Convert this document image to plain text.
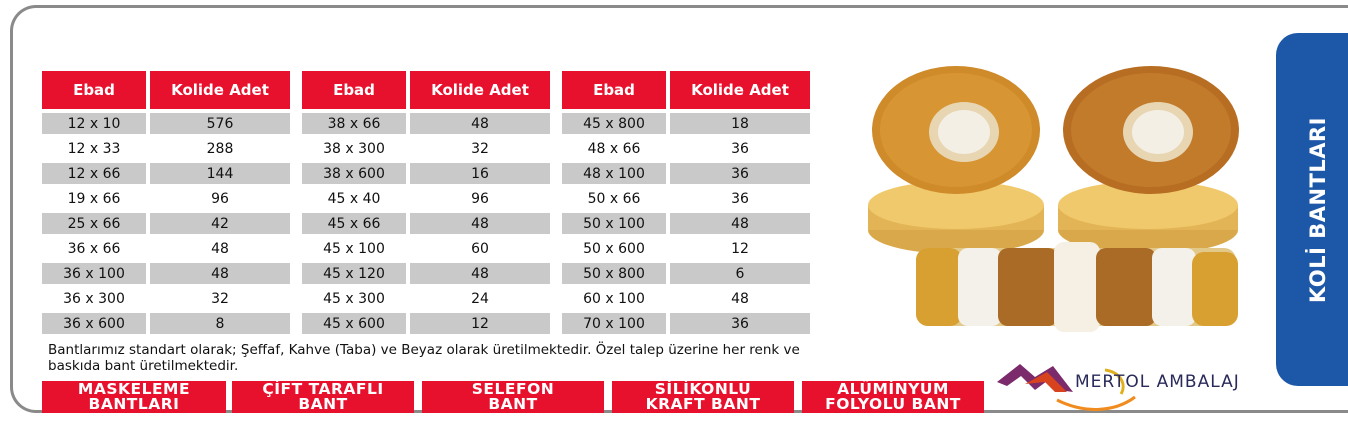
Ebad	Kolide Adet
12 x 10	576
12 x 33	288
12 x 66	144
19 x 66	96
25 x 66	42
36 x 66	48
36 x 100	48
36 x 300	32
36 x 600	8
Ebad	Kolide Adet
38 x 66	48
38 x 300	32
38 x 600	16
45 x 40	96
45 x 66	48
45 x 100	60
45 x 120	48
45 x 300	24
45 x 600	12
Ebad	Kolide Adet
45 x 800	18
48 x 66	36
48 x 100	36
50 x 66	36
50 x 100	48
50 x 600	12
50 x 800	6
60 x 100	48
70 x 100	36
Bantlarımız standart olarak; Şeffaf, Kahve (Taba) ve Beyaz olarak üretilmektedir. Özel talep üzerine her renk ve baskıda bant üretilmektedir.
MASKELEME
BANTLARI
ÇİFT TARAFLI
BANT
SELEFON
BANT
SİLİKONLU
KRAFT BANT
ALÜMİNYUM
FOLYOLU BANT
KOLİ BANTLARI
MERTOL AMBALAJ
